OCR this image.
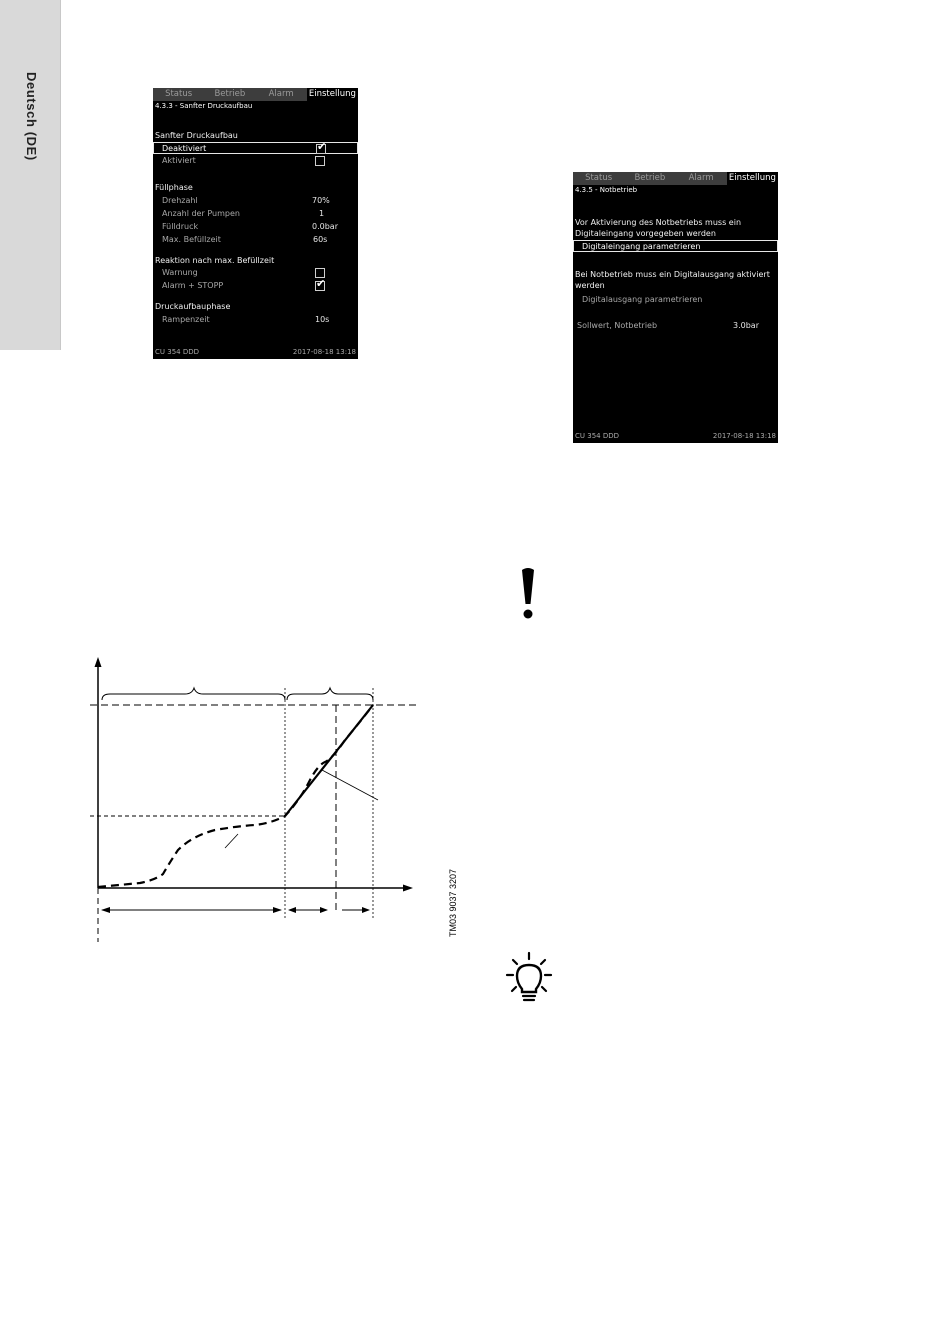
Deutsch (DE)	Status	Betrieb	Alarm	Einstellung
4.3.3 - Sanfter Druckaufbau
Sanfter Druckaufbau
Deaktiviert	✔
Aktiviert
Füllphase
Drehzahl	70%
Anzahl der Pumpen	1
Fülldruck	0.0bar
Max. Befüllzeit	60s
Reaktion nach max. Befüllzeit
Warnung
Alarm + STOPP	✔
Druckaufbauphase
Rampenzeit	10s
CU 354 DDD	2017-08-18 13:18
Status	Betrieb	Alarm	Einstellung
4.3.5 - Notbetrieb
Vor Aktivierung des Notbetriebs muss ein
Digitaleingang vorgegeben werden
Digitaleingang parametrieren
Bei Notbetrieb muss ein Digitalausgang aktiviert
werden
Digitalausgang parametrieren
Sollwert, Notbetrieb	3.0bar
CU 354 DDD	2017-08-18 13:18
TM03 9037 3207
